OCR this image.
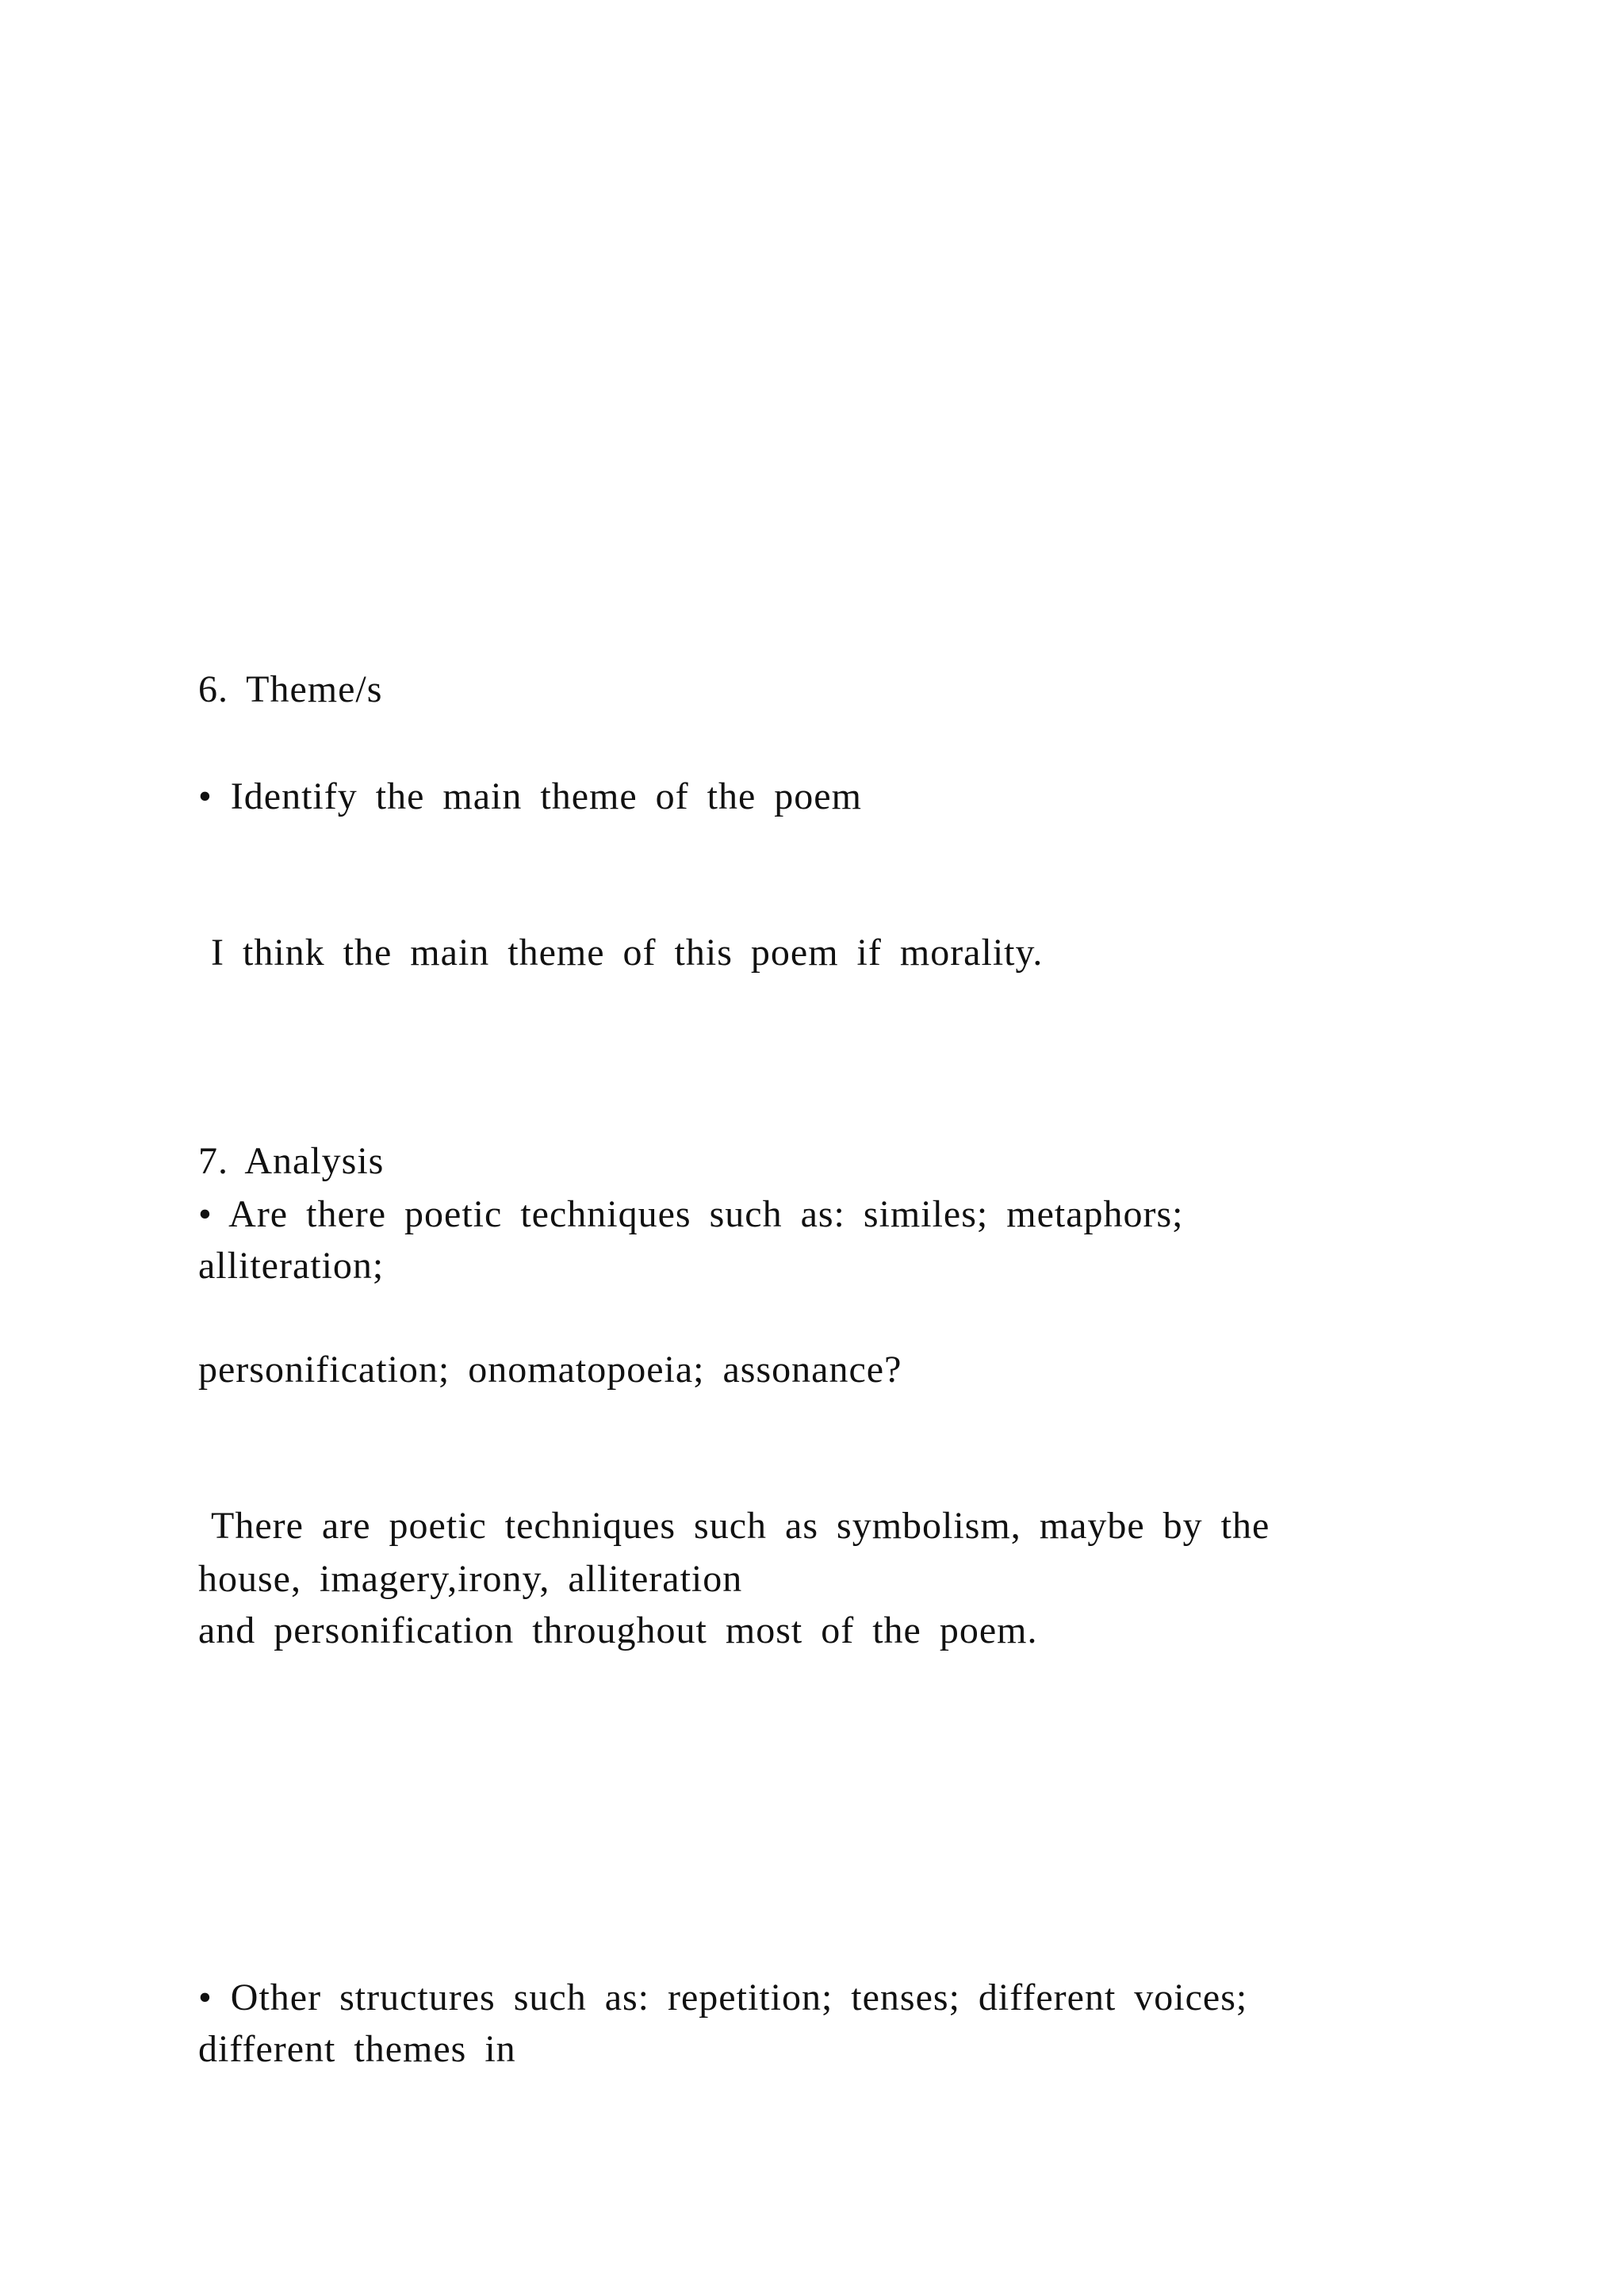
6. Theme/s

• Identify the main theme of the poem

I think the main theme of this poem if morality.

7. Analysis

• Are there poetic techniques such as: similes; metaphors;

alliteration;

personification; onomatopoeia; assonance?

There are poetic techniques such as symbolism, maybe by the

house, imagery,irony, alliteration

and personification throughout most of the poem.

• Other structures such as: repetition; tenses; different voices;

different themes in
